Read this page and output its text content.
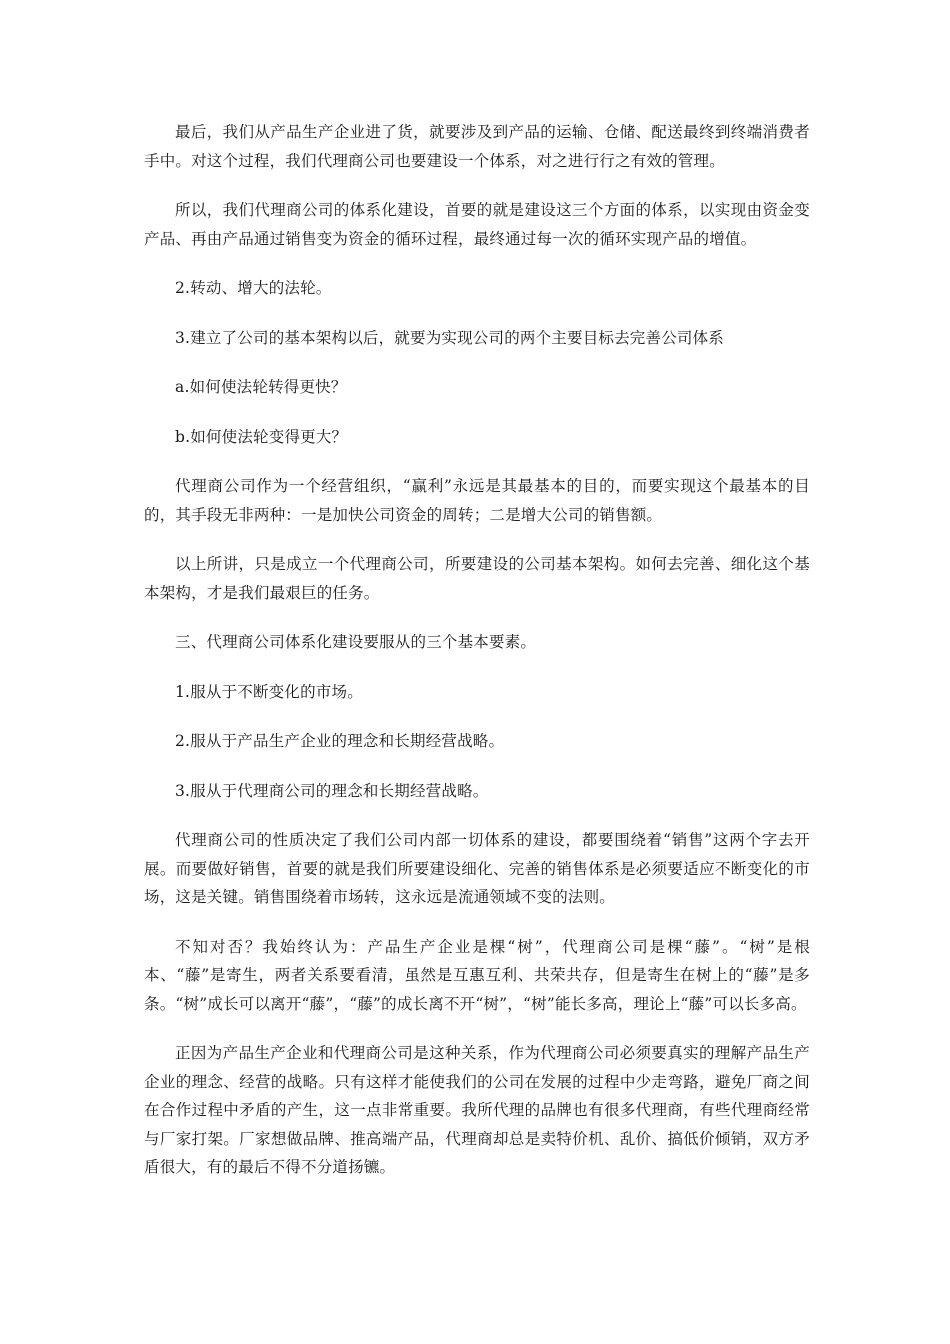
最后，我们从产品生产企业进了货，就要涉及到产品的运输、仓储、配送最终到终端消费者手中。对这个过程，我们代理商公司也要建设一个体系，对之进行行之有效的管理。

所以，我们代理商公司的体系化建设，首要的就是建设这三个方面的体系，以实现由资金变产品、再由产品通过销售变为资金的循环过程，最终通过每一次的循环实现产品的增值。

2.转动、增大的法轮。

3.建立了公司的基本架构以后，就要为实现公司的两个主要目标去完善公司体系

a.如何使法轮转得更快？

b.如何使法轮变得更大？

代理商公司作为一个经营组织，“赢利”永远是其最基本的目的，而要实现这个最基本的目的，其手段无非两种：一是加快公司资金的周转；二是增大公司的销售额。

以上所讲，只是成立一个代理商公司，所要建设的公司基本架构。如何去完善、细化这个基本架构，才是我们最艰巨的任务。

三、代理商公司体系化建设要服从的三个基本要素。

1.服从于不断变化的市场。

2.服从于产品生产企业的理念和长期经营战略。

3.服从于代理商公司的理念和长期经营战略。

代理商公司的性质决定了我们公司内部一切体系的建设，都要围绕着“销售”这两个字去开展。而要做好销售，首要的就是我们所要建设细化、完善的销售体系是必须要适应不断变化的市场，这是关键。销售围绕着市场转，这永远是流通领域不变的法则。

不知对否？我始终认为：产品生产企业是棵“树”，代理商公司是棵“藤”。“树”是根本、“藤”是寄生，两者关系要看清，虽然是互惠互利、共荣共存，但是寄生在树上的“藤”是多条。“树”成长可以离开“藤”，“藤”的成长离不开“树”，“树”能长多高，理论上“藤”可以长多高。

正因为产品生产企业和代理商公司是这种关系，作为代理商公司必须要真实的理解产品生产企业的理念、经营的战略。只有这样才能使我们的公司在发展的过程中少走弯路，避免厂商之间在合作过程中矛盾的产生，这一点非常重要。我所代理的品牌也有很多代理商，有些代理商经常与厂家打架。厂家想做品牌、推高端产品，代理商却总是卖特价机、乱价、搞低价倾销，双方矛盾很大，有的最后不得不分道扬镳。
